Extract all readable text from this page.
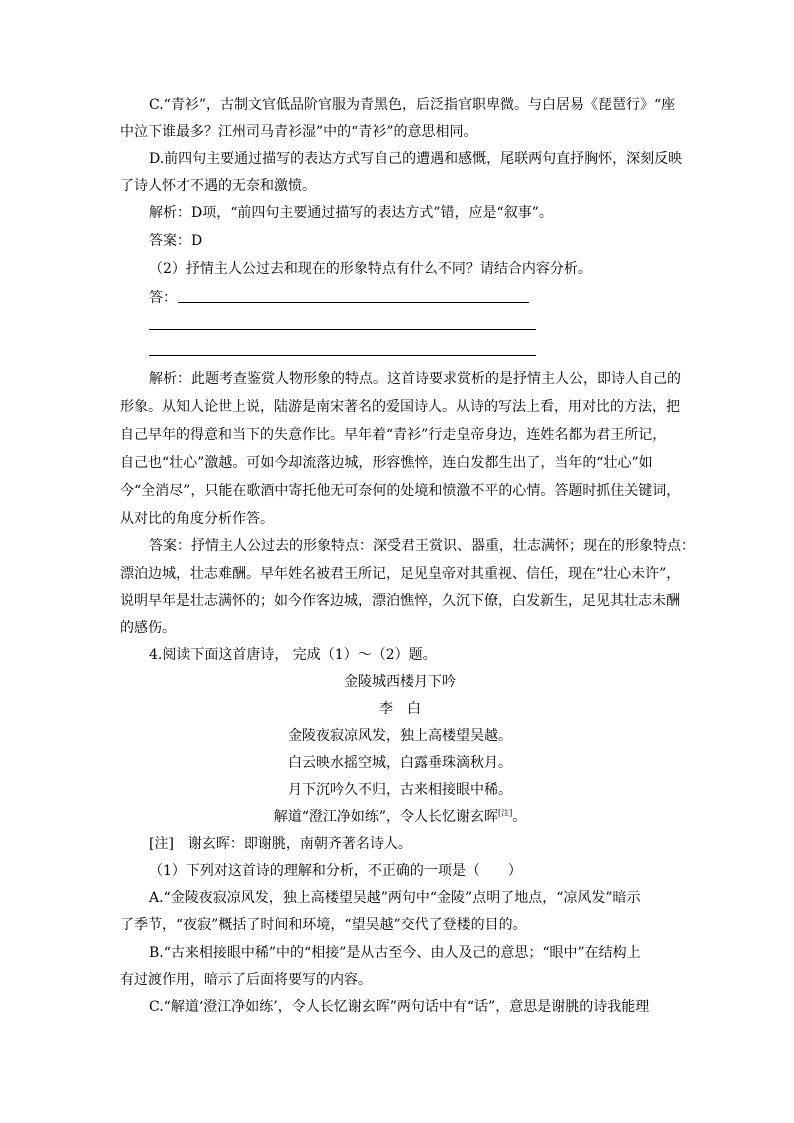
C.“青衫”，古制文官低品阶官服为青黑色，后泛指官职卑微。与白居易《琵琶行》“座
中泣下谁最多？江州司马青衫湿”中的“青衫”的意思相同。
D.前四句主要通过描写的表达方式写自己的遭遇和感慨，尾联两句直抒胸怀，深刻反映
了诗人怀才不遇的无奈和激愤。
解析：D项，“前四句主要通过描写的表达方式”错，应是“叙事”。
答案：D
（2）抒情主人公过去和现在的形象特点有什么不同？请结合内容分析。
答：
解析：此题考查鉴赏人物形象的特点。这首诗要求赏析的是抒情主人公，即诗人自己的
形象。从知人论世上说，陆游是南宋著名的爱国诗人。从诗的写法上看，用对比的方法，把
自己早年的得意和当下的失意作比。早年着“青衫”行走皇帝身边，连姓名都为君王所记，
自己也“壮心”激越。可如今却流落边城，形容憔悴，连白发都生出了，当年的“壮心”如
今“全消尽”，只能在歌酒中寄托他无可奈何的处境和愤激不平的心情。答题时抓住关键词，
从对比的角度分析作答。
答案：抒情主人公过去的形象特点：深受君王赏识、器重，壮志满怀；现在的形象特点：
漂泊边城，壮志难酬。早年姓名被君王所记，足见皇帝对其重视、信任，现在“壮心未许”，
说明早年是壮志满怀的；如今作客边城，漂泊憔悴，久沉下僚，白发新生，足见其壮志未酬
的感伤。
4.阅读下面这首唐诗， 完成（1）～（2）题。
金陵城西楼月下吟
李　白
金陵夜寂凉风发，独上高楼望吴越。
白云映水摇空城，白露垂珠滴秋月。
月下沉吟久不归，古来相接眼中稀。
解道“澄江净如练”，令人长忆谢玄晖[注]。
[注]　谢玄晖：即谢朓，南朝齐著名诗人。
（1）下列对这首诗的理解和分析，不正确的一项是（　　）
A.“金陵夜寂凉风发，独上高楼望吴越”两句中“金陵”点明了地点，“凉风发”暗示
了季节，“夜寂”概括了时间和环境，“望吴越”交代了登楼的目的。
B.“古来相接眼中稀”中的“相接”是从古至今、由人及己的意思；“眼中”在结构上
有过渡作用，暗示了后面将要写的内容。
C.“解道‘澄江净如练’，令人长忆谢玄晖”两句话中有“话”，意思是谢朓的诗我能理
